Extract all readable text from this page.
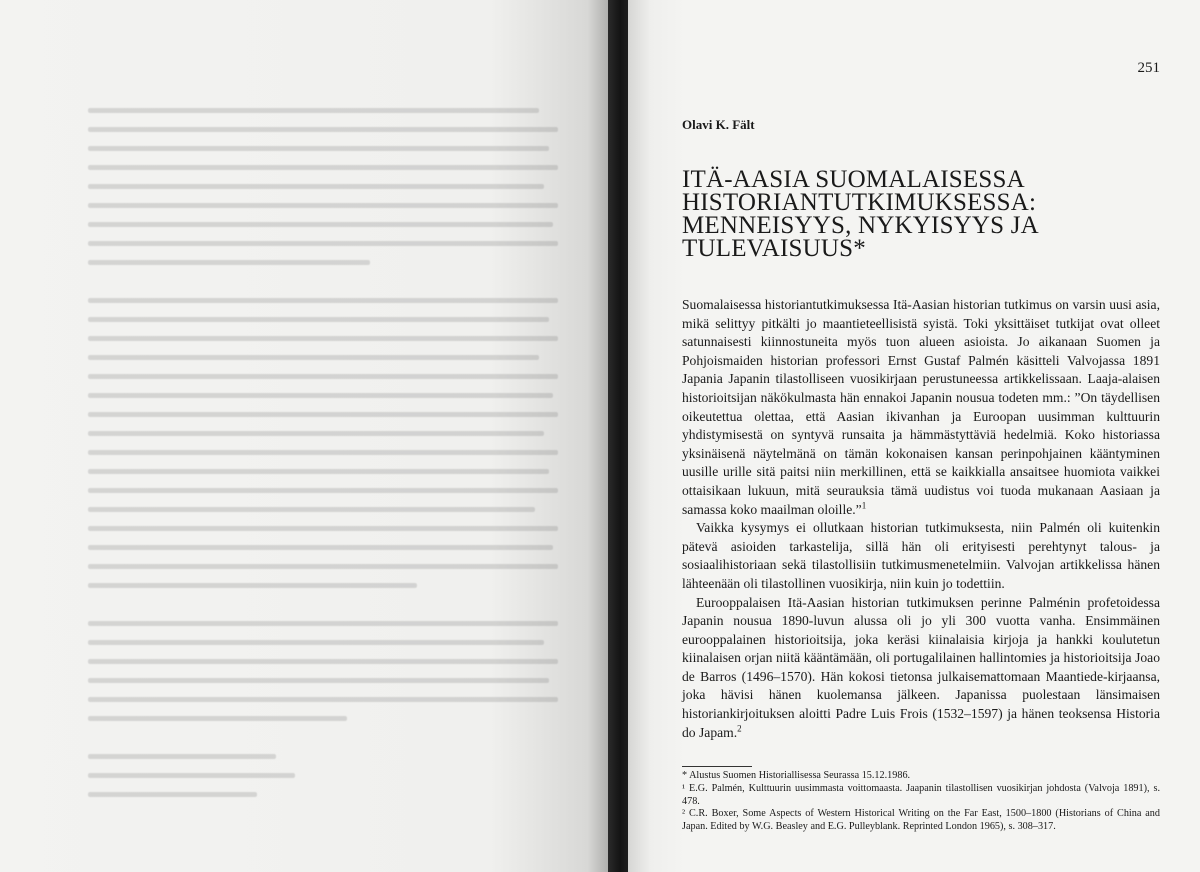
251
Olavi K. Fält
ITÄ-AASIA SUOMALAISESSA
HISTORIANTUTKIMUKSESSA:
MENNEISYYS, NYKYISYYS JA
TULEVAISUUS*

Suomalaisessa historiantutkimuksessa Itä-Aasian historian tutkimus on varsin uusi asia, mikä selittyy pitkälti jo maantieteellisistä syistä. Toki yksittäiset tutkijat ovat olleet satunnaisesti kiinnostuneita myös tuon alueen asioista. Jo aikanaan Suomen ja Pohjoismaiden historian professori Ernst Gustaf Palmén käsitteli Valvojassa 1891 Japania Japanin tilastolliseen vuosikirjaan perustuneessa artikkelissaan. Laaja-alaisen historioitsijan näkökulmasta hän ennakoi Japanin nousua todeten mm.: ”On täydellisen oikeutettua olettaa, että Aasian ikivanhan ja Euroopan uusimman kulttuurin yhdistymisestä on syntyvä runsaita ja hämmästyttäviä hedelmiä. Koko historiassa yksinäisenä näytelmänä on tämän kokonaisen kansan perinpohjainen kääntyminen uusille urille sitä paitsi niin merkillinen, että se kaikkialla ansaitsee huomiota vaikkei ottaisikaan lukuun, mitä seurauksia tämä uudistus voi tuoda mukanaan Aasiaan ja samassa koko maailman oloille.”$^1$

Vaikka kysymys ei ollutkaan historian tutkimuksesta, niin Palmén oli kuitenkin pätevä asioiden tarkastelija, sillä hän oli erityisesti perehtynyt talous- ja sosiaalihistoriaan sekä tilastollisiin tutkimusmenetelmiin. Valvojan artikkelissa hänen lähteenään oli tilastollinen vuosikirja, niin kuin jo todettiin.

Eurooppalaisen Itä-Aasian historian tutkimuksen perinne Palménin profetoidessa Japanin nousua 1890-luvun alussa oli jo yli 300 vuotta vanha. Ensimmäinen eurooppalainen historioitsija, joka keräsi kiinalaisia kirjoja ja hankki koulutetun kiinalaisen orjan niitä kääntämään, oli portugalilainen hallintomies ja historioitsija Joao de Barros (1496–1570). Hän kokosi tietonsa julkaisemattomaan Maantiede-kirjaansa, joka hävisi hänen kuolemansa jälkeen. Japanissa puolestaan länsimaisen historiankirjoituksen aloitti Padre Luis Frois (1532–1597) ja hänen teoksensa Historia do Japam.$^2$

* Alustus Suomen Historiallisessa Seurassa 15.12.1986.

¹ E.G. Palmén, Kulttuurin uusimmasta voittomaasta. Jaapanin tilastollisen vuosikirjan johdosta (Valvoja 1891), s. 478.

² C.R. Boxer, Some Aspects of Western Historical Writing on the Far East, 1500–1800 (Historians of China and Japan. Edited by W.G. Beasley and E.G. Pulleyblank. Reprinted London 1965), s. 308–317.
